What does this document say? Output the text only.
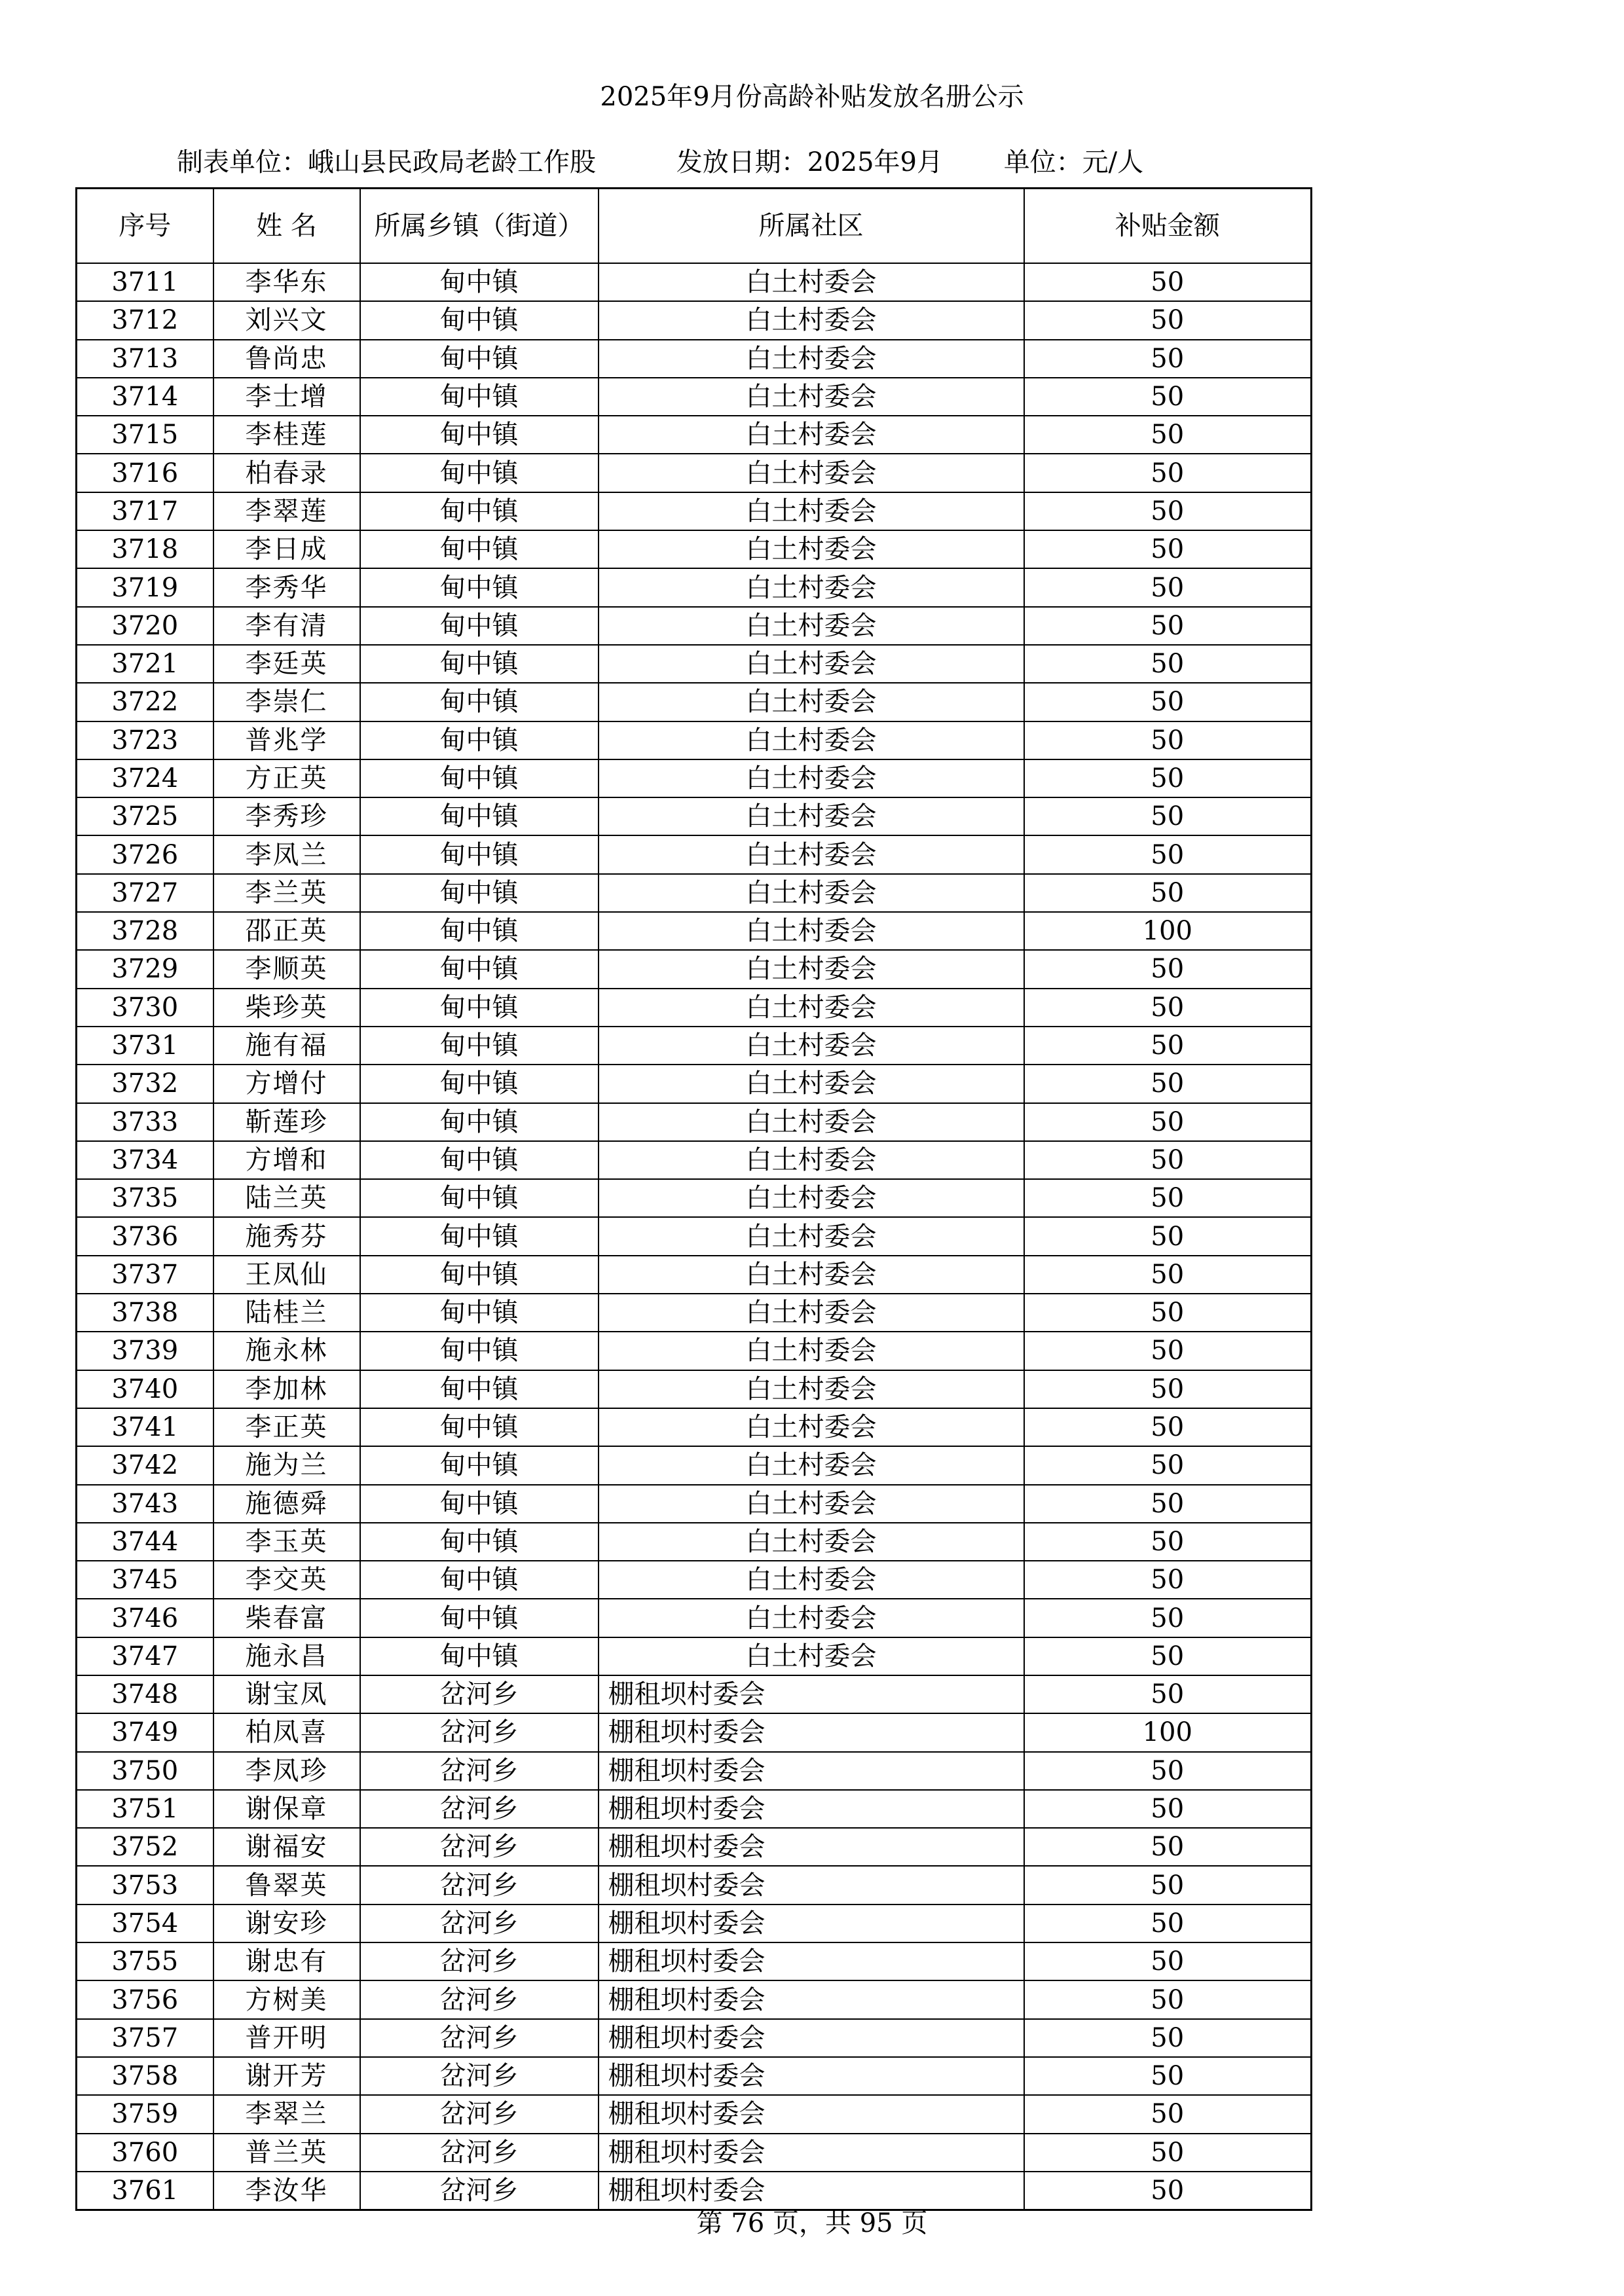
2025年9月份高龄补贴发放名册公示
制表单位：峨山县民政局老龄工作股	发放日期：2025年9月 单位：元/人
序号	姓 名	所属乡镇（街道）	所属社区	补贴金额
3711	李华东	甸中镇	白土村委会	50
3712	刘兴文	甸中镇	白土村委会	50
3713	鲁尚忠	甸中镇	白土村委会	50
3714	李士增	甸中镇	白土村委会	50
3715	李桂莲	甸中镇	白土村委会	50
3716	柏春录	甸中镇	白土村委会	50
3717	李翠莲	甸中镇	白土村委会	50
3718	李日成	甸中镇	白土村委会	50
3719	李秀华	甸中镇	白土村委会	50
3720	李有清	甸中镇	白土村委会	50
3721	李廷英	甸中镇	白土村委会	50
3722	李崇仁	甸中镇	白土村委会	50
3723	普兆学	甸中镇	白土村委会	50
3724	方正英	甸中镇	白土村委会	50
3725	李秀珍	甸中镇	白土村委会	50
3726	李凤兰	甸中镇	白土村委会	50
3727	李兰英	甸中镇	白土村委会	50
3728	邵正英	甸中镇	白土村委会	100
3729	李顺英	甸中镇	白土村委会	50
3730	柴珍英	甸中镇	白土村委会	50
3731	施有福	甸中镇	白土村委会	50
3732	方增付	甸中镇	白土村委会	50
3733	靳莲珍	甸中镇	白土村委会	50
3734	方增和	甸中镇	白土村委会	50
3735	陆兰英	甸中镇	白土村委会	50
3736	施秀芬	甸中镇	白土村委会	50
3737	王凤仙	甸中镇	白土村委会	50
3738	陆桂兰	甸中镇	白土村委会	50
3739	施永林	甸中镇	白土村委会	50
3740	李加林	甸中镇	白土村委会	50
3741	李正英	甸中镇	白土村委会	50
3742	施为兰	甸中镇	白土村委会	50
3743	施德舜	甸中镇	白土村委会	50
3744	李玉英	甸中镇	白土村委会	50
3745	李交英	甸中镇	白土村委会	50
3746	柴春富	甸中镇	白土村委会	50
3747	施永昌	甸中镇	白土村委会	50
3748	谢宝凤	岔河乡	棚租坝村委会	50
3749	柏凤喜	岔河乡	棚租坝村委会	100
3750	李凤珍	岔河乡	棚租坝村委会	50
3751	谢保章	岔河乡	棚租坝村委会	50
3752	谢福安	岔河乡	棚租坝村委会	50
3753	鲁翠英	岔河乡	棚租坝村委会	50
3754	谢安珍	岔河乡	棚租坝村委会	50
3755	谢忠有	岔河乡	棚租坝村委会	50
3756	方树美	岔河乡	棚租坝村委会	50
3757	普开明	岔河乡	棚租坝村委会	50
3758	谢开芳	岔河乡	棚租坝村委会	50
3759	李翠兰	岔河乡	棚租坝村委会	50
3760	普兰英	岔河乡	棚租坝村委会	50
3761	李汝华	岔河乡	棚租坝村委会	50
第 76 页，共 95 页
